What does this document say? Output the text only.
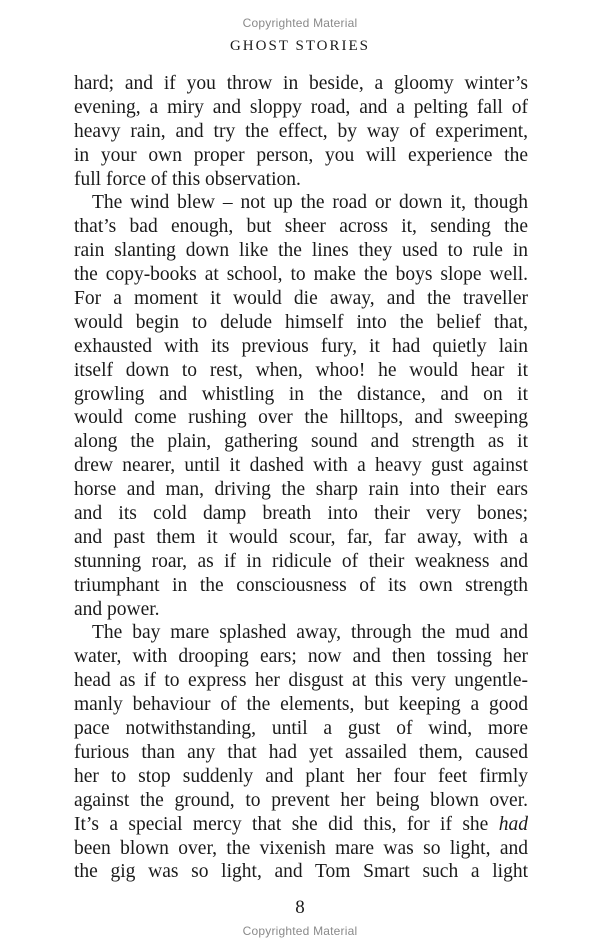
Copyrighted Material
GHOST STORIES
hard; and if you throw in beside, a gloomy winter’s
evening, a miry and sloppy road, and a pelting fall of
heavy rain, and try the effect, by way of experiment,
in your own proper person, you will experience the
full force of this observation.
The wind blew – not up the road or down it, though
that’s bad enough, but sheer across it, sending the
rain slanting down like the lines they used to rule in
the copy-books at school, to make the boys slope well.
For a moment it would die away, and the traveller
would begin to delude himself into the belief that,
exhausted with its previous fury, it had quietly lain
itself down to rest, when, whoo! he would hear it
growling and whistling in the distance, and on it
would come rushing over the hilltops, and sweeping
along the plain, gathering sound and strength as it
drew nearer, until it dashed with a heavy gust against
horse and man, driving the sharp rain into their ears
and its cold damp breath into their very bones;
and past them it would scour, far, far away, with a
stunning roar, as if in ridicule of their weakness and
triumphant in the consciousness of its own strength
and power.
The bay mare splashed away, through the mud and
water, with drooping ears; now and then tossing her
head as if to express her disgust at this very ungentle-
manly behaviour of the elements, but keeping a good
pace notwithstanding, until a gust of wind, more
furious than any that had yet assailed them, caused
her to stop suddenly and plant her four feet firmly
against the ground, to prevent her being blown over.
It’s a special mercy that she did this, for if she had
been blown over, the vixenish mare was so light, and
the gig was so light, and Tom Smart such a light
8
Copyrighted Material
